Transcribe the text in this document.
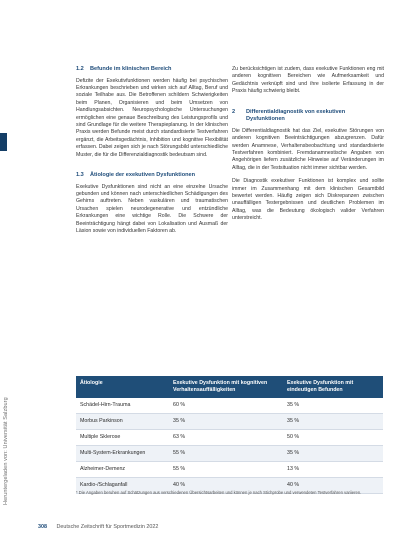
Heruntergeladen von: Universität Salzburg
1.2 Befunde im klinischen Bereich

Defizite der Exekutivfunktionen werden häufig bei psychischen Erkrankungen beschrieben und wirken sich auf Alltag, Beruf und soziale Teilhabe aus. Die Betroffenen schildern Schwierigkeiten beim Planen, Organisieren und beim Umsetzen von Handlungsabsichten. Neuropsychologische Untersuchungen ermöglichen eine genaue Beschreibung des Leistungsprofils und sind Grundlage für die weitere Therapieplanung. In der klinischen Praxis werden Befunde meist durch standardisierte Testverfahren ergänzt, die Arbeitsgedächtnis, Inhibition und kognitive Flexibilität erfassen. Dabei zeigen sich je nach Störungsbild unterschiedliche Muster, die für die Differenzialdiagnostik bedeutsam sind.

1.3 Ätiologie der exekutiven Dysfunktionen

Exekutive Dysfunktionen sind nicht an eine einzelne Ursache gebunden und können nach unterschiedlichen Schädigungen des Gehirns auftreten. Neben vaskulären und traumatischen Ursachen spielen neurodegenerative und entzündliche Erkrankungen eine wichtige Rolle. Die Schwere der Beeinträchtigung hängt dabei von Lokalisation und Ausmaß der Läsion sowie von individuellen Faktoren ab.

Zu berücksichtigen ist zudem, dass exekutive Funktionen eng mit anderen kognitiven Bereichen wie Aufmerksamkeit und Gedächtnis verknüpft sind und ihre isolierte Erfassung in der Praxis häufig schwierig bleibt.

2 Differentialdiagnostik von exekutiven Dysfunktionen

Die Differentialdiagnostik hat das Ziel, exekutive Störungen von anderen kognitiven Beeinträchtigungen abzugrenzen. Dafür werden Anamnese, Verhaltensbeobachtung und standardisierte Testverfahren kombiniert. Fremdanamnestische Angaben von Angehörigen liefern zusätzliche Hinweise auf Veränderungen im Alltag, die in der Testsituation nicht immer sichtbar werden.

Die Diagnostik exekutiver Funktionen ist komplex und sollte immer im Zusammenhang mit dem klinischen Gesamtbild bewertet werden. Häufig zeigen sich Diskrepanzen zwischen unauffälligen Testergebnissen und deutlichen Problemen im Alltag, was die Bedeutung ökologisch valider Verfahren unterstreicht.

Ätiologie	Exekutive Dysfunktion mit kognitiven Verhaltensauffälligkeiten	Exekutive Dysfunktion mit eindeutigen Befunden
Schädel-Hirn-Trauma	60 %	35 %
Morbus Parkinson	35 %	35 %
Multiple Sklerose	63 %	50 %
Multi-System-Erkrankungen	55 %	35 %
Alzheimer-Demenz	55 %	13 %
Kardio-/Schlaganfall	40 %	40 %
* Die Angaben beruhen auf Schätzungen aus verschiedenen Übersichtsarbeiten und können je nach Stichprobe und verwendeten Testverfahren variieren.
308 Deutsche Zeitschrift für Sportmedizin 2022
